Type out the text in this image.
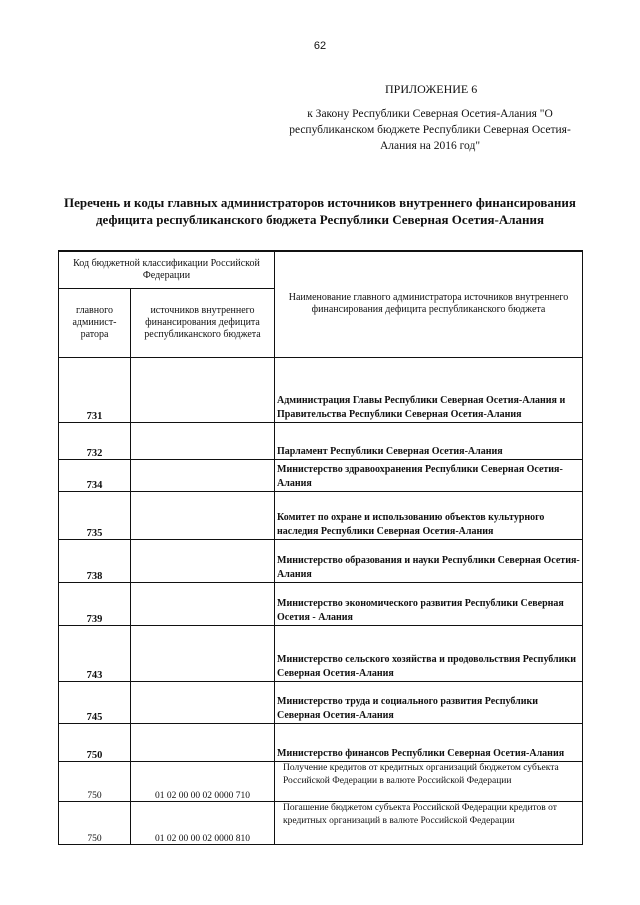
62
ПРИЛОЖЕНИЕ 6
к Закону Республики Северная Осетия-Алания "О республиканском бюджете Республики Северная Осетия-Алания на 2016 год"
Перечень и коды главных администраторов источников внутреннего финансирования дефицита республиканского бюджета Республики Северная Осетия-Алания
Код бюджетной классификации Российской Федерации		Наименование главного администратора источников внутреннего финансирования дефицита республиканского бюджета
главного админист-ратора	источников внутреннего финансирования дефицита республиканского бюджета	
731		Администрация Главы Республики Северная Осетия-Алания и Правительства Республики Северная Осетия-Алания
732		Парламент Республики Северная Осетия-Алания
734		Министерство здравоохранения Республики Северная Осетия-Алания
735		Комитет по охране и использованию объектов культурного наследия Республики Северная Осетия-Алания
738		Министерство образования и науки Республики Северная Осетия-Алания
739		Министерство экономического развития Республики Северная Осетия - Алания
743		Министерство сельского хозяйства и продовольствия Республики Северная Осетия-Алания
745		Министерство труда и социального развития Республики Северная Осетия-Алания
750		Министерство финансов Республики Северная Осетия-Алания
750	01 02 00 00 02 0000 710	Получение кредитов от кредитных организаций бюджетом субъекта Российской Федерации в валюте Российской Федерации
750	01 02 00 00 02 0000 810	Погашение бюджетом субъекта Российской Федерации кредитов от кредитных организаций в валюте Российской Федерации
